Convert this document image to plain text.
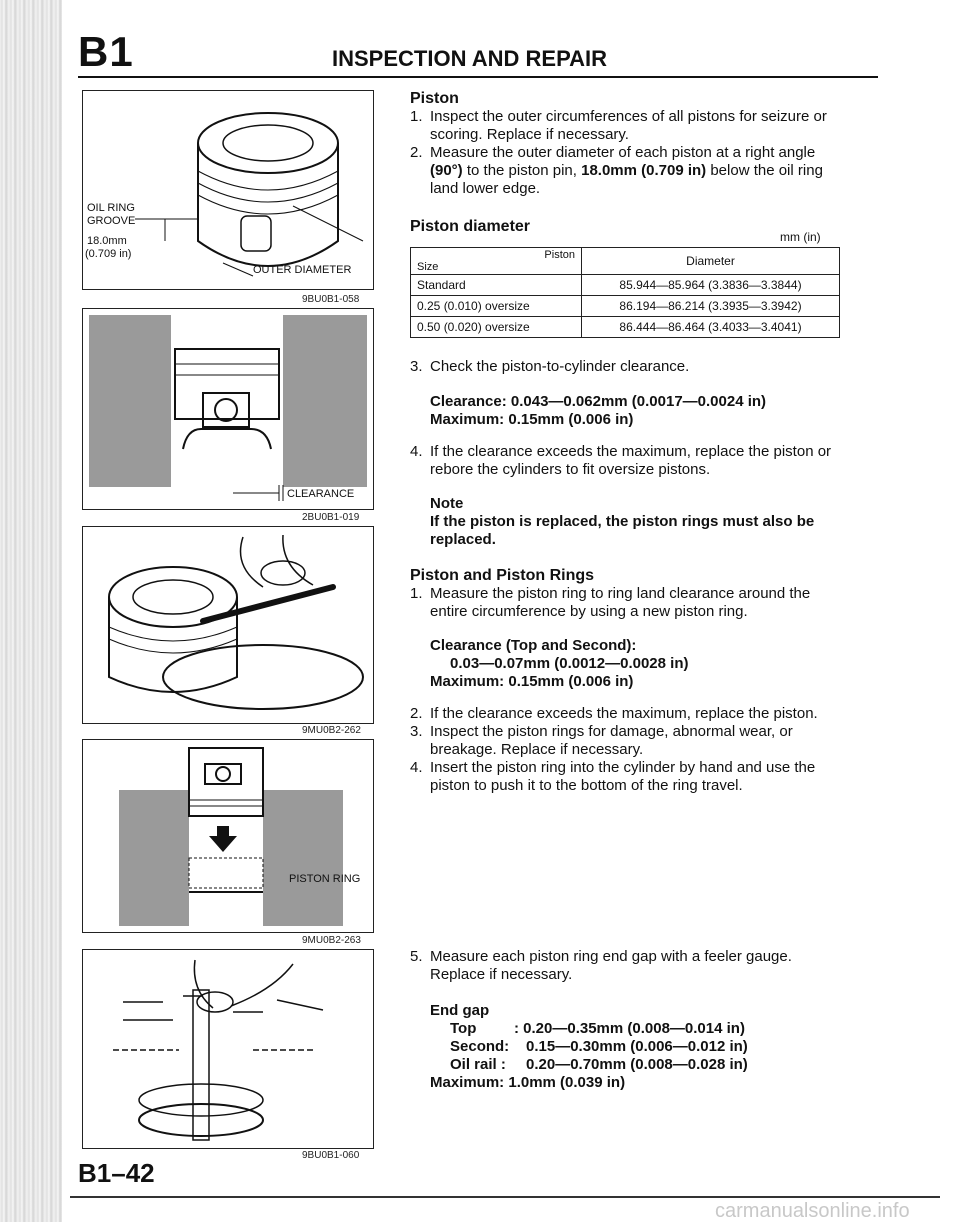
B1	INSPECTION AND REPAIR
OIL RING
GROOVE
18.0mm
(0.709 in)
OUTER DIAMETER
9BU0B1-058
CLEARANCE
2BU0B1-019
9MU0B2-262
PISTON RING
9MU0B2-263
9BU0B1-060
Piston
1. Inspect the outer circumferences of all pistons for seizure or scoring. Replace if necessary.
2. Measure the outer diameter of each piston at a right angle (90°) to the piston pin, 18.0mm (0.709 in) below the oil ring land lower edge.
Piston diameter
mm (in)
Piston
Size	Diameter
Standard	85.944—85.964 (3.3836—3.3844)
0.25 (0.010) oversize	86.194—86.214 (3.3935—3.3942)
0.50 (0.020) oversize	86.444—86.464 (3.4033—3.4041)
3. Check the piston-to-cylinder clearance.
Clearance: 0.043—0.062mm (0.0017—0.0024 in)
Maximum: 0.15mm (0.006 in)
4. If the clearance exceeds the maximum, replace the piston or rebore the cylinders to fit oversize pistons.
Note
If the piston is replaced, the piston rings must also be replaced.
Piston and Piston Rings
1. Measure the piston ring to ring land clearance around the entire circumference by using a new piston ring.
Clearance (Top and Second):
0.03—0.07mm (0.0012—0.0028 in)
Maximum: 0.15mm (0.006 in)
2. If the clearance exceeds the maximum, replace the piston.
3. Inspect the piston rings for damage, abnormal wear, or breakage. Replace if necessary.
4. Insert the piston ring into the cylinder by hand and use the piston to push it to the bottom of the ring travel.
5. Measure each piston ring end gap with a feeler gauge. Replace if necessary.
End gap
Top	: 0.20—0.35mm (0.008—0.014 in)
Second: 0.15—0.30mm (0.006—0.012 in)
Oil rail : 0.20—0.70mm (0.008—0.028 in)
Maximum: 1.0mm (0.039 in)
B1–42
carmanualsonline.info
